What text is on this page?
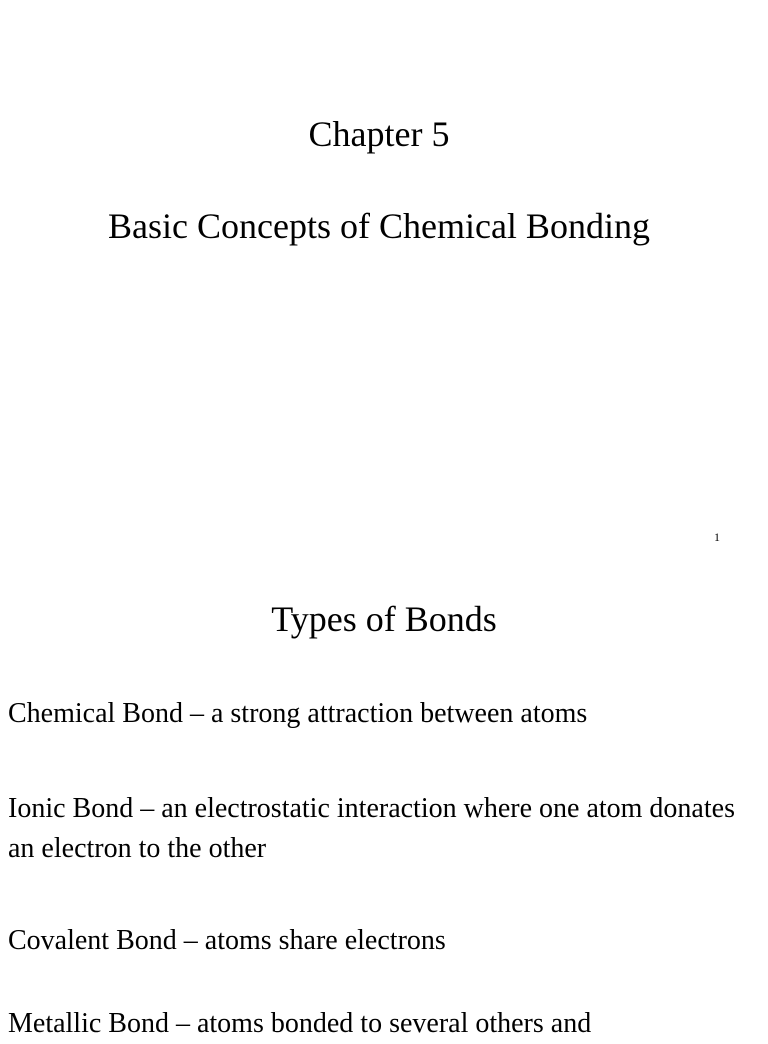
Chapter 5
Basic Concepts of Chemical Bonding
1
Types of Bonds

Chemical Bond – a strong attraction between atoms

Ionic Bond – an electrostatic interaction where one atom donates an electron to the other

Covalent Bond – atoms share electrons

Metallic Bond – atoms bonded to several others and
